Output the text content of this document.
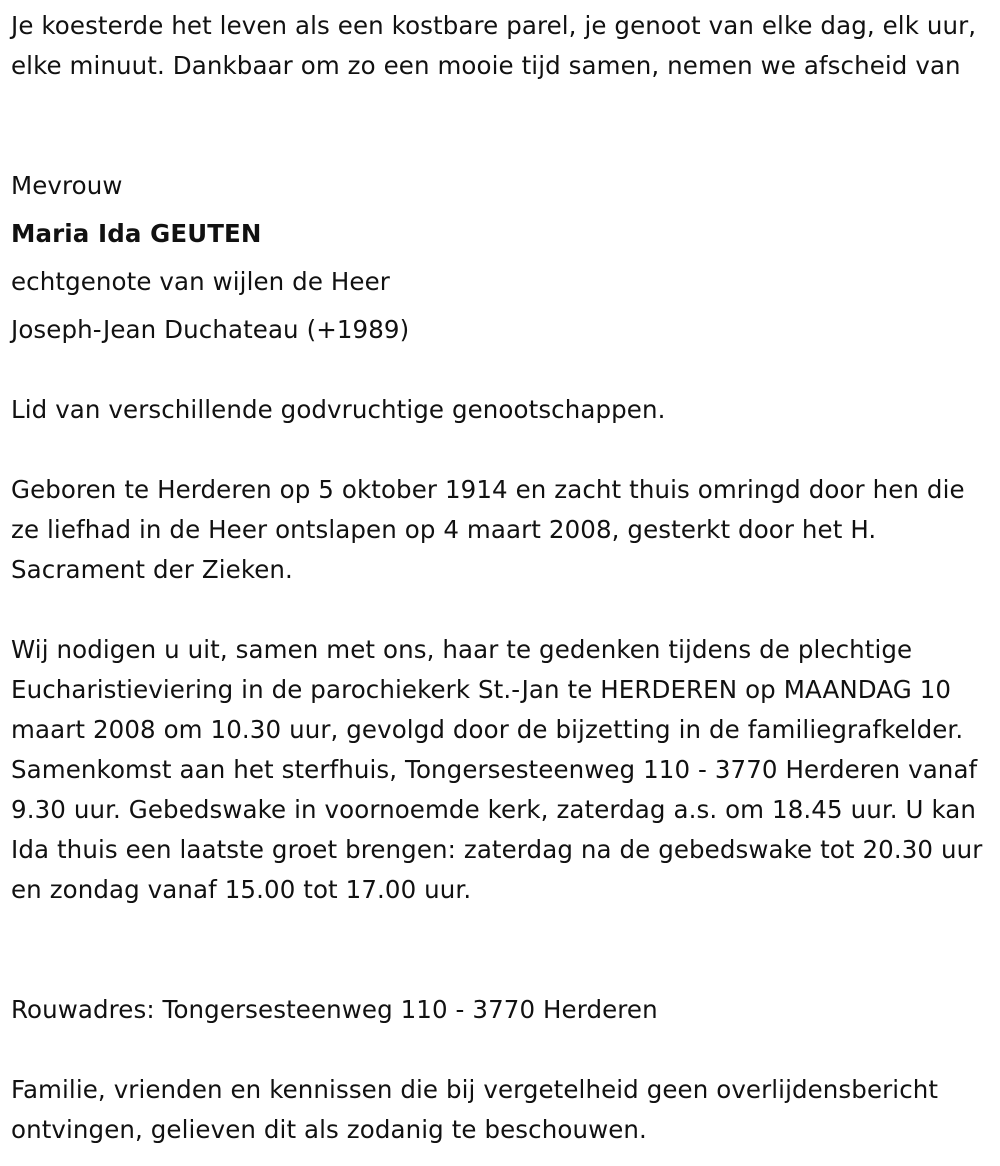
Je koesterde het leven als een kostbare parel, je genoot van elke dag, elk uur, elke minuut. Dankbaar om zo een mooie tijd samen, nemen we afscheid van

Mevrouw

Maria Ida GEUTEN

echtgenote van wijlen de Heer

Joseph-Jean Duchateau (+1989)

Lid van verschillende godvruchtige genootschappen.

Geboren te Herderen op 5 oktober 1914 en zacht thuis omringd door hen die ze liefhad in de Heer ontslapen op 4 maart 2008, gesterkt door het H. Sacrament der Zieken.

Wij nodigen u uit, samen met ons, haar te gedenken tijdens de plechtige Eucharistieviering in de parochiekerk St.-Jan te HERDEREN op MAANDAG 10 maart 2008 om 10.30 uur, gevolgd door de bijzetting in de familiegrafkelder. Samenkomst aan het sterfhuis, Tongersesteenweg 110 - 3770 Herderen vanaf 9.30 uur. Gebedswake in voornoemde kerk, zaterdag a.s. om 18.45 uur. U kan Ida thuis een laatste groet brengen: zaterdag na de gebedswake tot 20.30 uur en zondag vanaf 15.00 tot 17.00 uur.

Rouwadres: Tongersesteenweg 110 - 3770 Herderen

Familie, vrienden en kennissen die bij vergetelheid geen overlijdensbericht ontvingen, gelieven dit als zodanig te beschouwen.
